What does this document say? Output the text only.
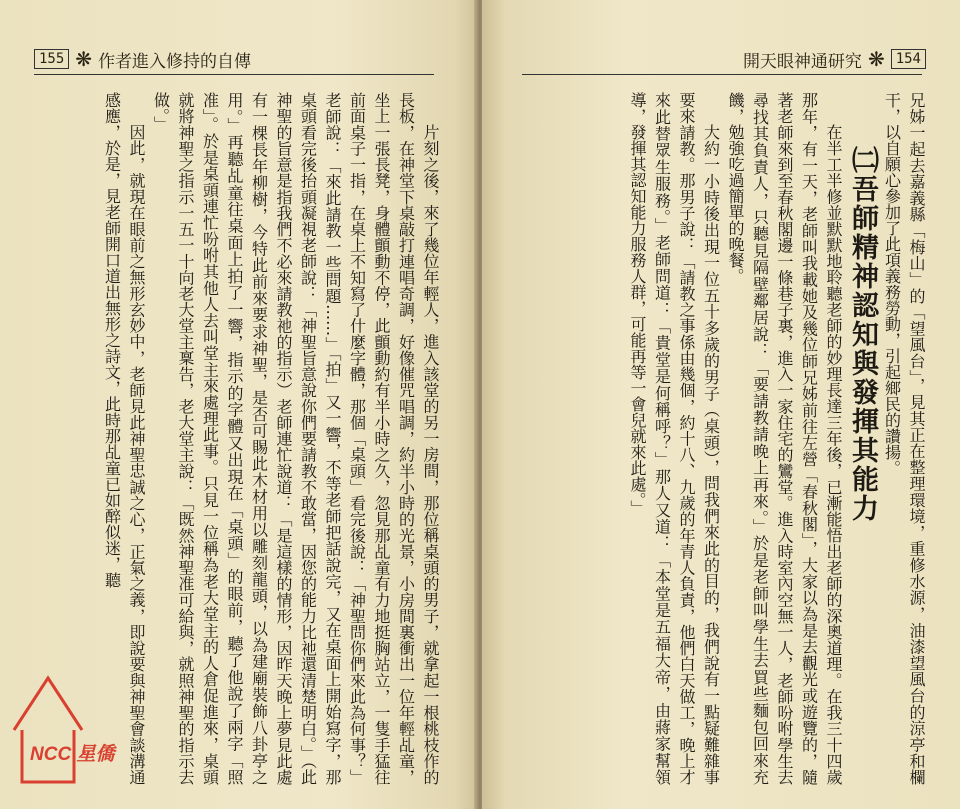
155 ❋ 作者進入修持的自傳

片刻之後，來了幾位年輕人，進入該堂的另一房間，那位稱桌頭的男子，就拿起一根桃枝作的長板，在神堂下桌敲打連唱奇調，好像催咒唱調，約半小時的光景，小房間裏衝出一位年輕乩童，坐上一張長凳，身體顫動不停，此顫動約有半小時之久，忽見那乩童有力地挺胸站立，一隻手猛往前面桌子一指，在桌上不知寫了什麼字體，那個「桌頭」看完後說：「神聖問你們來此為何事？」老師說：「來此請教一些問題……」「拍」又一響，不等老師把話說完，又在桌面上開始寫字，那桌頭看完後抬頭凝視老師說：「神聖旨意說你們要請教不敢當，因您的能力比祂還清楚明白。」（此神聖的旨意是指我們不必來請教祂的指示）老師連忙說道：「是這樣的情形，因昨天晚上夢見此處有一棵長年柳樹，今特此前來要求神聖，是否可賜此木材用以雕刻龍頭，以為建廟裝飾八卦亭之用。」再聽乩童往桌面上拍了一響，指示的字體又出現在「桌頭」的眼前，聽了他說了兩字「照准」。於是桌頭連忙吩咐其他人去叫堂主來處理此事。只見一位稱為老大堂主的人倉促進來，桌頭就將神聖之指示一五一十向老大堂主稟告，老大堂主說：「既然神聖准可給與，就照神聖的指示去做。」

因此，就現在眼前之無形玄妙中，老師見此神聖忠誠之心，正氣之義，即說要與神聖會談溝通感應，於是，見老師開口道出無形之詩文，此時那乩童已如醉似迷，聽

NCC 星僑
開天眼神通研究 ❋ 154

兄姊一起去嘉義縣「梅山」的「望風台」，見其正在整理環境，重修水源，油漆望風台的涼亭和欄干，以自願心參加了此項義務勞動，引起鄉民的讚揚。

㈡吾師精神認知與發揮其能力

在半工半修並默默地聆聽老師的妙理長達三年後，已漸能悟出老師的深奧道理。在我三十四歲那年，有一天，老師叫我載她及幾位師兄姊前往左營「春秋閣」，大家以為是去觀光或遊覽的，隨著老師來到至春秋閣邊一條巷子裏，進入一家住宅的鸞堂。進入時室內空無一人，老師吩咐學生去尋找其負責人，只聽見隔壁鄰居說：「要請教請晚上再來。」於是老師叫學生去買些麵包回來充饑，勉強吃過簡單的晚餐。

大約一小時後出現一位五十多歲的男子（桌頭），問我們來此的目的，我們說有一點疑難雜事要來請教。那男子說：「請教之事係由幾個，約十八、九歲的年青人負責，他們白天做工，晚上才來此替眾生服務。」老師問道：「貴堂是何稱呼？」那人又道：「本堂是五福大帝，由蔣家幫領導，發揮其認知能力服務人群，可能再等一會兒就來此處。」
